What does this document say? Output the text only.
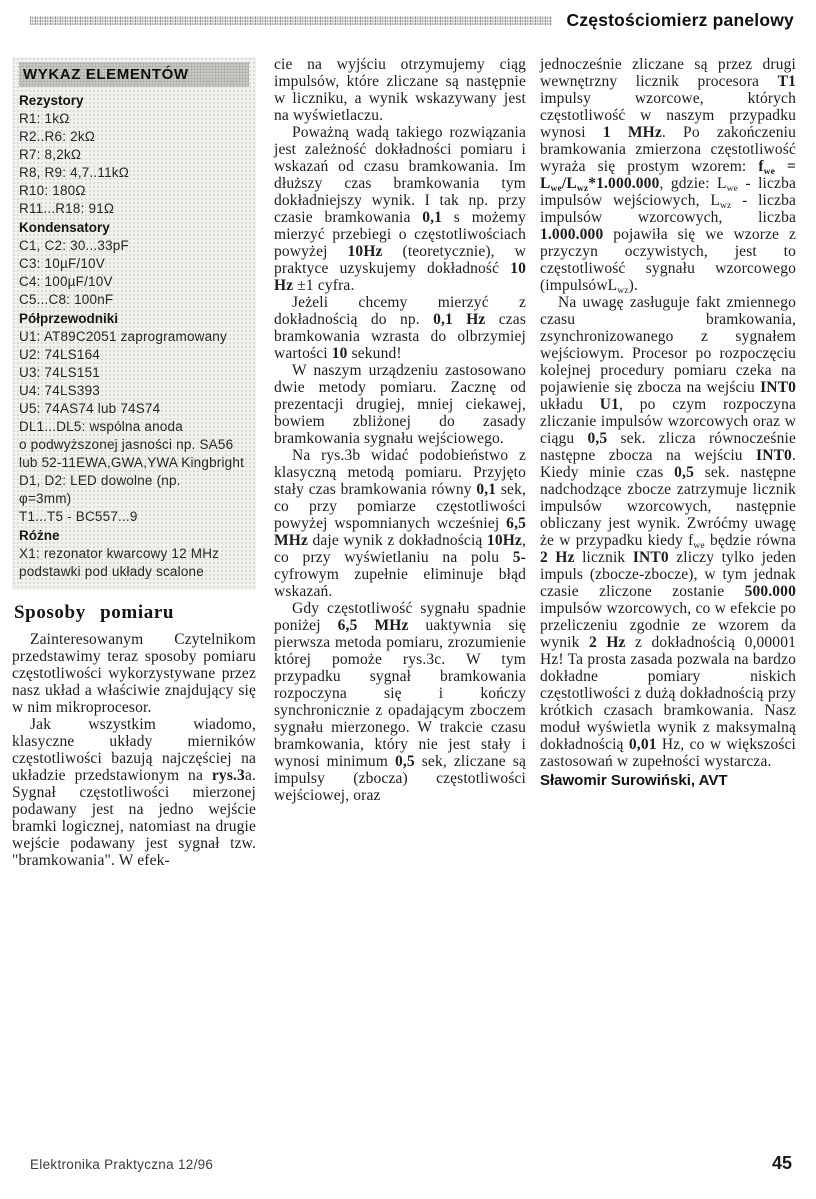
Częstościomierz panelowy
WYKAZ ELEMENTÓW
Rezystory
R1: 1kΩ
R2..R6: 2kΩ
R7: 8,2kΩ
R8, R9: 4,7..11kΩ
R10: 180Ω
R11...R18: 91Ω
Kondensatory
C1, C2: 30...33pF
C3: 10µF/10V
C4: 100µF/10V
C5...C8: 100nF
Półprzewodniki
U1: AT89C2051 zaprogramowany
U2: 74LS164
U3: 74LS151
U4: 74LS393
U5: 74AS74 lub 74S74
DL1...DL5: wspólna anoda
o podwyższonej jasności np. SA56
lub 52-11EWA,GWA,YWA Kingbright
D1, D2: LED dowolne (np.
φ=3mm)
T1...T5 - BC557...9
Różne
X1: rezonator kwarcowy 12 MHz
podstawki pod układy scalone
Sposoby pomiaru

Zainteresowanym Czytelnikom przedstawimy teraz sposoby pomiaru częstotliwości wykorzystywane przez nasz układ a właściwie znajdujący się w nim mikroprocesor.

Jak wszystkim wiadomo, klasyczne układy mierników częstotliwości bazują najczęściej na układzie przedstawionym na rys.3a. Sygnał częstotliwości mierzonej podawany jest na jedno wejście bramki logicznej, natomiast na drugie wejście podawany jest sygnał tzw. "bramkowania". W efek-

cie na wyjściu otrzymujemy ciąg impulsów, które zliczane są następnie w liczniku, a wynik wskazywany jest na wyświetlaczu.

Poważną wadą takiego rozwiązania jest zależność dokładności pomiaru i wskazań od czasu bramkowania. Im dłuższy czas bramkowania tym dokładniejszy wynik. I tak np. przy czasie bramkowania 0,1 s możemy mierzyć przebiegi o częstotliwościach powyżej 10Hz (teoretycznie), w praktyce uzyskujemy dokładność 10 Hz ±1 cyfra.

Jeżeli chcemy mierzyć z dokładnością do np. 0,1 Hz czas bramkowania wzrasta do olbrzymiej wartości 10 sekund!

W naszym urządzeniu zastosowano dwie metody pomiaru. Zacznę od prezentacji drugiej, mniej ciekawej, bowiem zbliżonej do zasady bramkowania sygnału wejściowego.

Na rys.3b widać podobieństwo z klasyczną metodą pomiaru. Przyjęto stały czas bramkowania równy 0,1 sek, co przy pomiarze częstotliwości powyżej wspomnianych wcześniej 6,5 MHz daje wynik z dokładnością 10Hz, co przy wyświetlaniu na polu 5-cyfrowym zupełnie eliminuje błąd wskazań.

Gdy częstotliwość sygnału spadnie poniżej 6,5 MHz uaktywnia się pierwsza metoda pomiaru, zrozumienie której pomoże rys.3c. W tym przypadku sygnał bramkowania rozpoczyna się i kończy synchronicznie z opadającym zboczem sygnału mierzonego. W trakcie czasu bramkowania, który nie jest stały i wynosi minimum 0,5 sek, zliczane są impulsy (zbocza) częstotliwości wejściowej, oraz

jednocześnie zliczane są przez drugi wewnętrzny licznik procesora T1 impulsy wzorcowe, których częstotliwość w naszym przypadku wynosi 1 MHz. Po zakończeniu bramkowania zmierzona częstotliwość wyraża się prostym wzorem: $f_{we} = L_{we}/L_{wz}*1.000.000$, gdzie: $L_{we}$ - liczba impulsów wejściowych, $L_{wz}$ - liczba impulsów wzorcowych, liczba 1.000.000 pojawiła się we wzorze z przyczyn oczywistych, jest to częstotliwość sygnału wzorcowego (impulsówL$_{wz}$).

Na uwagę zasługuje fakt zmiennego czasu bramkowania, zsynchronizowanego z sygnałem wejściowym. Procesor po rozpoczęciu kolejnej procedury pomiaru czeka na pojawienie się zbocza na wejściu INT0 układu U1, po czym rozpoczyna zliczanie impulsów wzorcowych oraz w ciągu 0,5 sek. zlicza równocześnie następne zbocza na wejściu INT0. Kiedy minie czas 0,5 sek. następne nadchodzące zbocze zatrzymuje licznik impulsów wzorcowych, następnie obliczany jest wynik. Zwróćmy uwagę że w przypadku kiedy $f_{we}$ będzie równa 2 Hz licznik INT0 zliczy tylko jeden impuls (zbocze-zbocze), w tym jednak czasie zliczone zostanie 500.000 impulsów wzorcowych, co w efekcie po przeliczeniu zgodnie ze wzorem da wynik 2 Hz z dokładnością 0,00001 Hz! Ta prosta zasada pozwala na bardzo dokładne pomiary niskich częstotliwości z dużą dokładnością przy krótkich czasach bramkowania. Nasz moduł wyświetla wynik z maksymalną dokładnością 0,01 Hz, co w większości zastosowań w zupełności wystarcza.

Sławomir Surowiński, AVT
Elektronika Praktyczna 12/96	45
